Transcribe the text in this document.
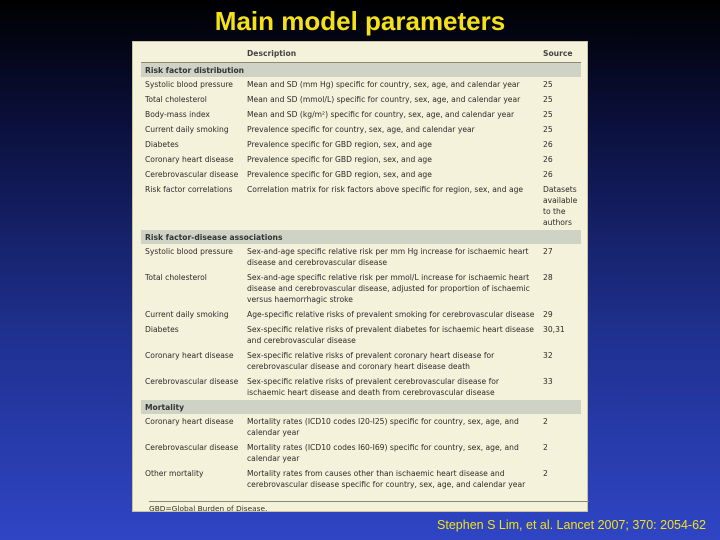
Main model parameters
	Description	Source
Risk factor distribution		
Systolic blood pressure	Mean and SD (mm Hg) specific for country, sex, age, and calendar year	25
Total cholesterol	Mean and SD (mmol/L) specific for country, sex, age, and calendar year	25
Body-mass index	Mean and SD (kg/m²) specific for country, sex, age, and calendar year	25
Current daily smoking	Prevalence specific for country, sex, age, and calendar year	25
Diabetes	Prevalence specific for GBD region, sex, and age	26
Coronary heart disease	Prevalence specific for GBD region, sex, and age	26
Cerebrovascular disease	Prevalence specific for GBD region, sex, and age	26
Risk factor correlations	Correlation matrix for risk factors above specific for region, sex, and age	Datasets available to the authors
Risk factor-disease associations		
Systolic blood pressure	Sex-and-age specific relative risk per mm Hg increase for ischaemic heart disease and cerebrovascular disease	27
Total cholesterol	Sex-and-age specific relative risk per mmol/L increase for ischaemic heart disease and cerebrovascular disease, adjusted for proportion of ischaemic versus haemorrhagic stroke	28
Current daily smoking	Age-specific relative risks of prevalent smoking for cerebrovascular disease	29
Diabetes	Sex-specific relative risks of prevalent diabetes for ischaemic heart disease and cerebrovascular disease	30,31
Coronary heart disease	Sex-specific relative risks of prevalent coronary heart disease for cerebrovascular disease and coronary heart disease death	32
Cerebrovascular disease	Sex-specific relative risks of prevalent cerebrovascular disease for ischaemic heart disease and death from cerebrovascular disease	33
Mortality		
Coronary heart disease	Mortality rates (ICD10 codes I20-I25) specific for country, sex, age, and calendar year	2
Cerebrovascular disease	Mortality rates (ICD10 codes I60-I69) specific for country, sex, age, and calendar year	2
Other mortality	Mortality rates from causes other than ischaemic heart disease and cerebrovascular disease specific for country, sex, age, and calendar year	2
GBD=Global Burden of Disease.
Stephen S Lim, et al. Lancet 2007; 370: 2054-62
